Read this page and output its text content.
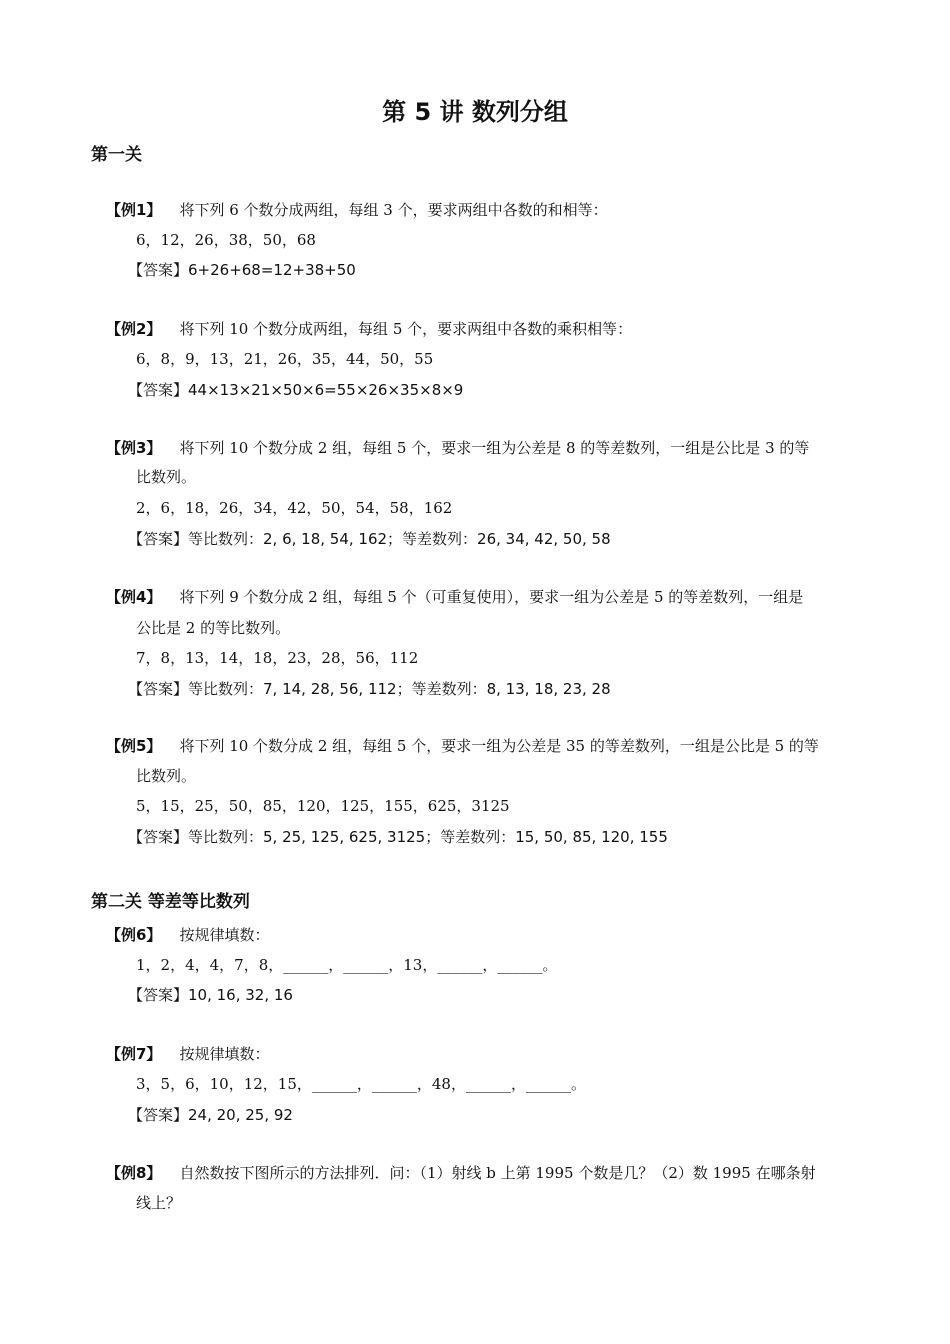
第 5 讲 数列分组
第一关
【例1】 将下列 6 个数分成两组，每组 3 个，要求两组中各数的和相等：
6，12，26，38，50，68
【答案】6+26+68=12+38+50
【例2】 将下列 10 个数分成两组，每组 5 个，要求两组中各数的乘积相等：
6，8，9，13，21，26，35，44，50，55
【答案】44×13×21×50×6=55×26×35×8×9
【例3】 将下列 10 个数分成 2 组，每组 5 个，要求一组为公差是 8 的等差数列，一组是公比是 3 的等
比数列。
2，6，18，26，34，42，50，54，58，162
【答案】等比数列：2, 6, 18, 54, 162；等差数列：26, 34, 42, 50, 58
【例4】 将下列 9 个数分成 2 组，每组 5 个（可重复使用），要求一组为公差是 5 的等差数列，一组是
公比是 2 的等比数列。
7，8，13，14，18，23，28，56，112
【答案】等比数列：7, 14, 28, 56, 112；等差数列：8, 13, 18, 23, 28
【例5】 将下列 10 个数分成 2 组，每组 5 个，要求一组为公差是 35 的等差数列，一组是公比是 5 的等
比数列。
5，15，25，50，85，120，125，155，625，3125
【答案】等比数列：5, 25, 125, 625, 3125；等差数列：15, 50, 85, 120, 155
第二关 等差等比数列
【例6】 按规律填数：
1，2，4，4，7，8，______，______，13，______，______。
【答案】10, 16, 32, 16
【例7】 按规律填数：
3，5，6，10，12，15，______，______，48，______，______。
【答案】24, 20, 25, 92
【例8】 自然数按下图所示的方法排列．问：（1）射线 b 上第 1995 个数是几？（2）数 1995 在哪条射
线上？
